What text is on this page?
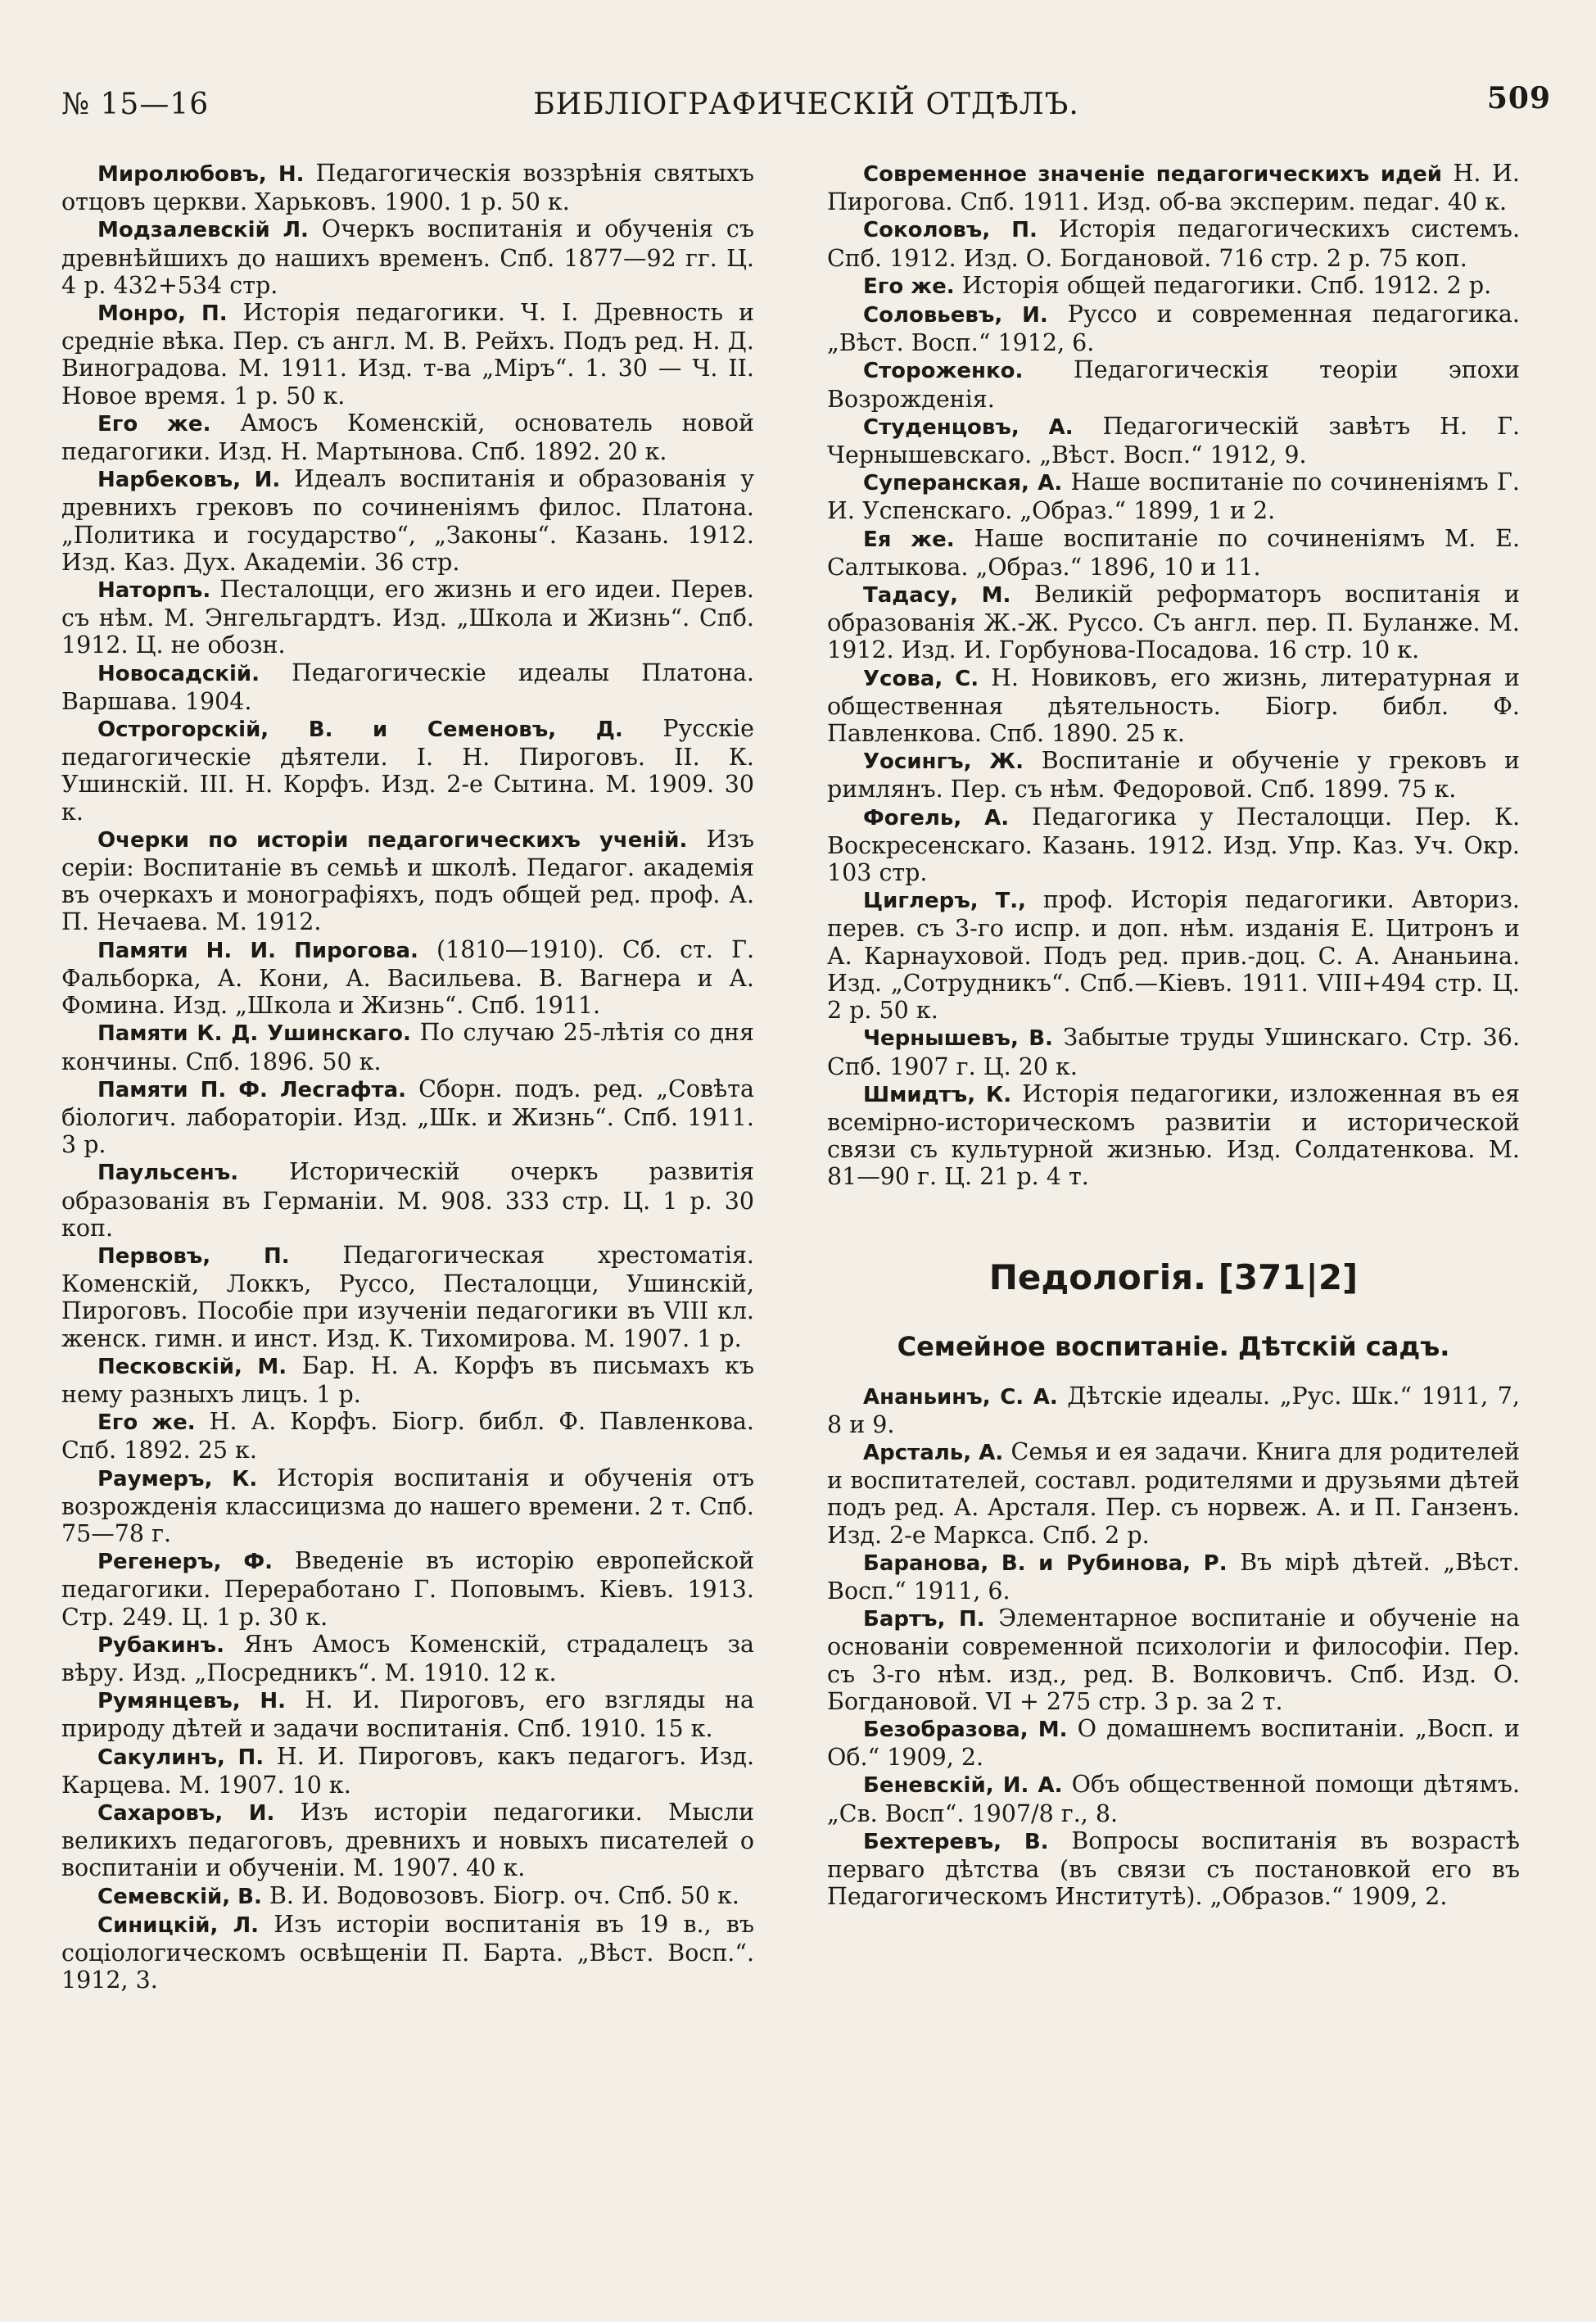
№ 15—16	БИБЛІОГРАФИЧЕСКІЙ ОТДѢЛЪ.	509

Миролюбовъ, Н. Педагогическія воззрѣнія святыхъ отцовъ церкви. Харьковъ. 1900. 1 р. 50 к.

Модзалевскій Л. Очеркъ воспитанія и обученія съ древнѣйшихъ до нашихъ временъ. Спб. 1877—92 гг. Ц. 4 р. 432+534 стр.

Монро, П. Исторія педагогики. Ч. I. Древность и средніе вѣка. Пер. съ англ. М. В. Рейхъ. Подъ ред. Н. Д. Виноградова. М. 1911. Изд. т-ва „Міръ“. 1. 30 — Ч. II. Новое время. 1 р. 50 к.

Его же. Амосъ Коменскій, основатель новой педагогики. Изд. Н. Мартынова. Спб. 1892. 20 к.

Нарбековъ, И. Идеалъ воспитанія и образованія у древнихъ грековъ по сочиненіямъ филос. Платона. „Политика и государство“, „Законы“. Казань. 1912. Изд. Каз. Дух. Академіи. 36 стр.

Наторпъ. Песталоцци, его жизнь и его идеи. Перев. съ нѣм. М. Энгельгардтъ. Изд. „Школа и Жизнь“. Спб. 1912. Ц. не обозн.

Новосадскій. Педагогическіе идеалы Платона. Варшава. 1904.

Острогорскій, В. и Семеновъ, Д. Русскіе педагогическіе дѣятели. I. Н. Пироговъ. II. К. Ушинскій. III. Н. Корфъ. Изд. 2-е Сытина. М. 1909. 30 к.

Очерки по исторіи педагогическихъ ученій. Изъ серіи: Воспитаніе въ семьѣ и школѣ. Педагог. академія въ очеркахъ и монографіяхъ, подъ общей ред. проф. А. П. Нечаева. М. 1912.

Памяти Н. И. Пирогова. (1810—1910). Сб. ст. Г. Фальборка, А. Кони, А. Васильева. В. Вагнера и А. Фомина. Изд. „Школа и Жизнь“. Спб. 1911.

Памяти К. Д. Ушинскаго. По случаю 25-лѣтія со дня кончины. Спб. 1896. 50 к.

Памяти П. Ф. Лесгафта. Сборн. подъ. ред. „Совѣта біологич. лабораторіи. Изд. „Шк. и Жизнь“. Спб. 1911. 3 р.

Паульсенъ. Историческій очеркъ развитія образованія въ Германіи. М. 908. 333 стр. Ц. 1 р. 30 коп.

Первовъ, П. Педагогическая хрестоматія. Коменскій, Локкъ, Руссо, Песталоцци, Ушинскій, Пироговъ. Пособіе при изученіи педагогики въ VIII кл. женск. гимн. и инст. Изд. К. Тихомирова. М. 1907. 1 р.

Песковскій, М. Бар. Н. А. Корфъ въ письмахъ къ нему разныхъ лицъ. 1 р.

Его же. Н. А. Корфъ. Біогр. библ. Ф. Павленкова. Спб. 1892. 25 к.

Раумеръ, К. Исторія воспитанія и обученія отъ возрожденія классицизма до нашего времени. 2 т. Спб. 75—78 г.

Регенеръ, Ф. Введеніе въ исторію европейской педагогики. Переработано Г. Поповымъ. Кіевъ. 1913. Стр. 249. Ц. 1 р. 30 к.

Рубакинъ. Янъ Амосъ Коменскій, страдалецъ за вѣру. Изд. „Посредникъ“. М. 1910. 12 к.

Румянцевъ, Н. Н. И. Пироговъ, его взгляды на природу дѣтей и задачи воспитанія. Спб. 1910. 15 к.

Сакулинъ, П. Н. И. Пироговъ, какъ педагогъ. Изд. Карцева. М. 1907. 10 к.

Сахаровъ, И. Изъ исторіи педагогики. Мысли великихъ педагоговъ, древнихъ и новыхъ писателей о воспитаніи и обученіи. М. 1907. 40 к.

Семевскій, В. В. И. Водовозовъ. Біогр. оч. Спб. 50 к.

Синицкій, Л. Изъ исторіи воспитанія въ 19 в., въ соціологическомъ освѣщеніи П. Барта. „Вѣст. Восп.“. 1912, 3.

Современное значеніе педагогическихъ идей Н. И. Пирогова. Спб. 1911. Изд. об-ва эксперим. педаг. 40 к.

Соколовъ, П. Исторія педагогическихъ системъ. Спб. 1912. Изд. О. Богдановой. 716 стр. 2 р. 75 коп.

Его же. Исторія общей педагогики. Спб. 1912. 2 р.

Соловьевъ, И. Руссо и современная педагогика. „Вѣст. Восп.“ 1912, 6.

Стороженко. Педагогическія теоріи эпохи Возрожденія.

Студенцовъ, А. Педагогическій завѣтъ Н. Г. Чернышевскаго. „Вѣст. Восп.“ 1912, 9.

Суперанская, А. Наше воспитаніе по сочиненіямъ Г. И. Успенскаго. „Образ.“ 1899, 1 и 2.

Ея же. Наше воспитаніе по сочиненіямъ М. Е. Салтыкова. „Образ.“ 1896, 10 и 11.

Тадасу, М. Великій реформаторъ воспитанія и образованія Ж.-Ж. Руссо. Съ англ. пер. П. Буланже. М. 1912. Изд. И. Горбунова-Посадова. 16 стр. 10 к.

Усова, С. Н. Новиковъ, его жизнь, литературная и общественная дѣятельность. Біогр. библ. Ф. Павленкова. Спб. 1890. 25 к.

Уосингъ, Ж. Воспитаніе и обученіе у грековъ и римлянъ. Пер. съ нѣм. Федоровой. Спб. 1899. 75 к.

Фогель, А. Педагогика у Песталоцци. Пер. К. Воскресенскаго. Казань. 1912. Изд. Упр. Каз. Уч. Окр. 103 стр.

Циглеръ, Т., проф. Исторія педагогики. Авториз. перев. съ 3-го испр. и доп. нѣм. изданія Е. Цитронъ и А. Карнауховой. Подъ ред. прив.-доц. С. А. Ананьина. Изд. „Сотрудникъ“. Спб.—Кіевъ. 1911. VIII+494 стр. Ц. 2 р. 50 к.

Чернышевъ, В. Забытые труды Ушинскаго. Стр. 36. Спб. 1907 г. Ц. 20 к.

Шмидтъ, К. Исторія педагогики, изложенная въ ея всемірно-историческомъ развитіи и исторической связи съ культурной жизнью. Изд. Солдатенкова. М. 81—90 г. Ц. 21 р. 4 т.

Педологія. [371|2]
Семейное воспитаніе. Дѣтскій садъ.

Ананьинъ, С. А. Дѣтскіе идеалы. „Рус. Шк.“ 1911, 7, 8 и 9.

Арсталь, А. Семья и ея задачи. Книга для родителей и воспитателей, составл. родителями и друзьями дѣтей подъ ред. А. Арсталя. Пер. съ норвеж. А. и П. Ганзенъ. Изд. 2-е Маркса. Спб. 2 р.

Баранова, В. и Рубинова, Р. Въ мірѣ дѣтей. „Вѣст. Восп.“ 1911, 6.

Бартъ, П. Элементарное воспитаніе и обученіе на основаніи современной психологіи и философіи. Пер. съ 3-го нѣм. изд., ред. В. Волковичъ. Спб. Изд. О. Богдановой. VI + 275 стр. 3 р. за 2 т.

Безобразова, М. О домашнемъ воспитаніи. „Восп. и Об.“ 1909, 2.

Беневскій, И. А. Объ общественной помощи дѣтямъ. „Св. Восп“. 1907/8 г., 8.

Бехтеревъ, В. Вопросы воспитанія въ возрастѣ перваго дѣтства (въ связи съ постановкой его въ Педагогическомъ Институтѣ). „Образов.“ 1909, 2.
